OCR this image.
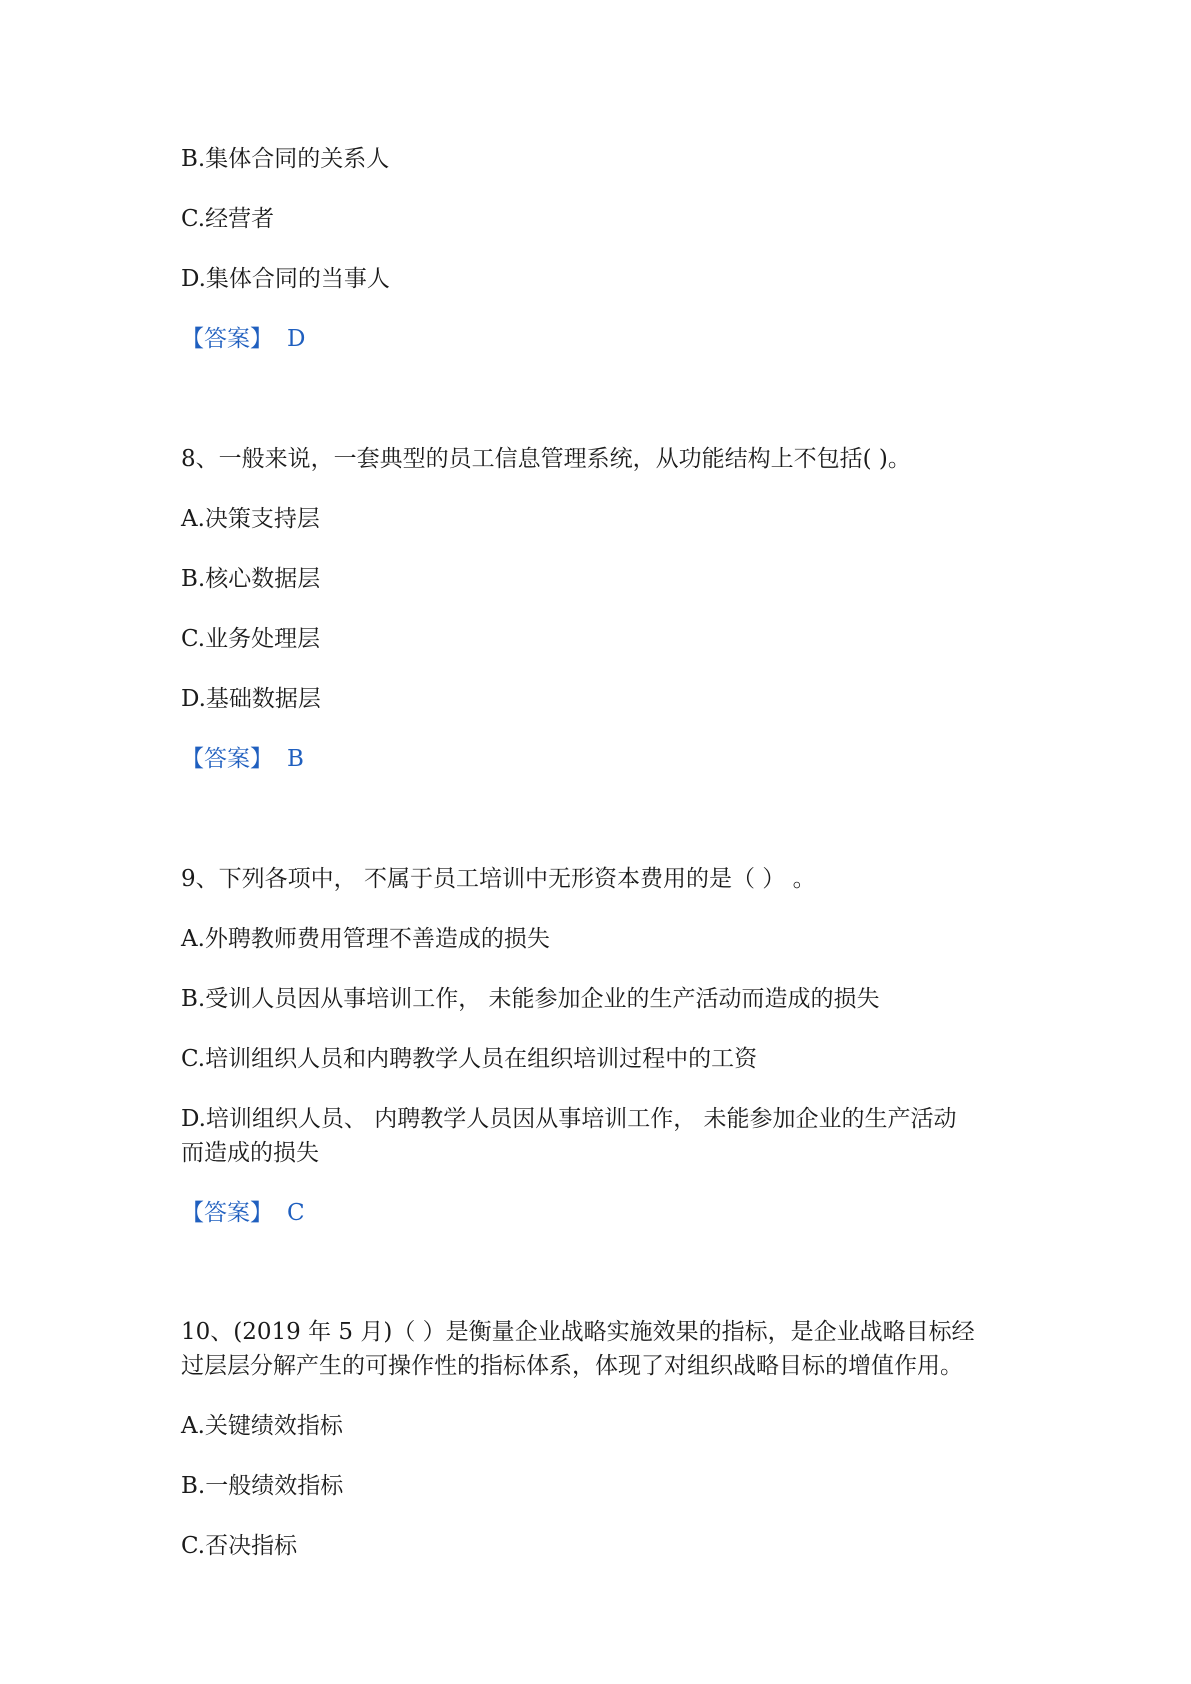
B.集体合同的关系人
C.经营者
D.集体合同的当事人
【答案】 D
8、一般来说，一套典型的员工信息管理系统，从功能结构上不包括( )。
A.决策支持层
B.核心数据层
C.业务处理层
D.基础数据层
【答案】 B
9、下列各项中， 不属于员工培训中无形资本费用的是（ ） 。
A.外聘教师费用管理不善造成的损失
B.受训人员因从事培训工作， 未能参加企业的生产活动而造成的损失
C.培训组织人员和内聘教学人员在组织培训过程中的工资
D.培训组织人员、 内聘教学人员因从事培训工作， 未能参加企业的生产活动
而造成的损失
【答案】 C
10、(2019 年 5 月)（ ）是衡量企业战略实施效果的指标，是企业战略目标经
过层层分解产生的可操作性的指标体系，体现了对组织战略目标的增值作用。
A.关键绩效指标
B.一般绩效指标
C.否决指标
